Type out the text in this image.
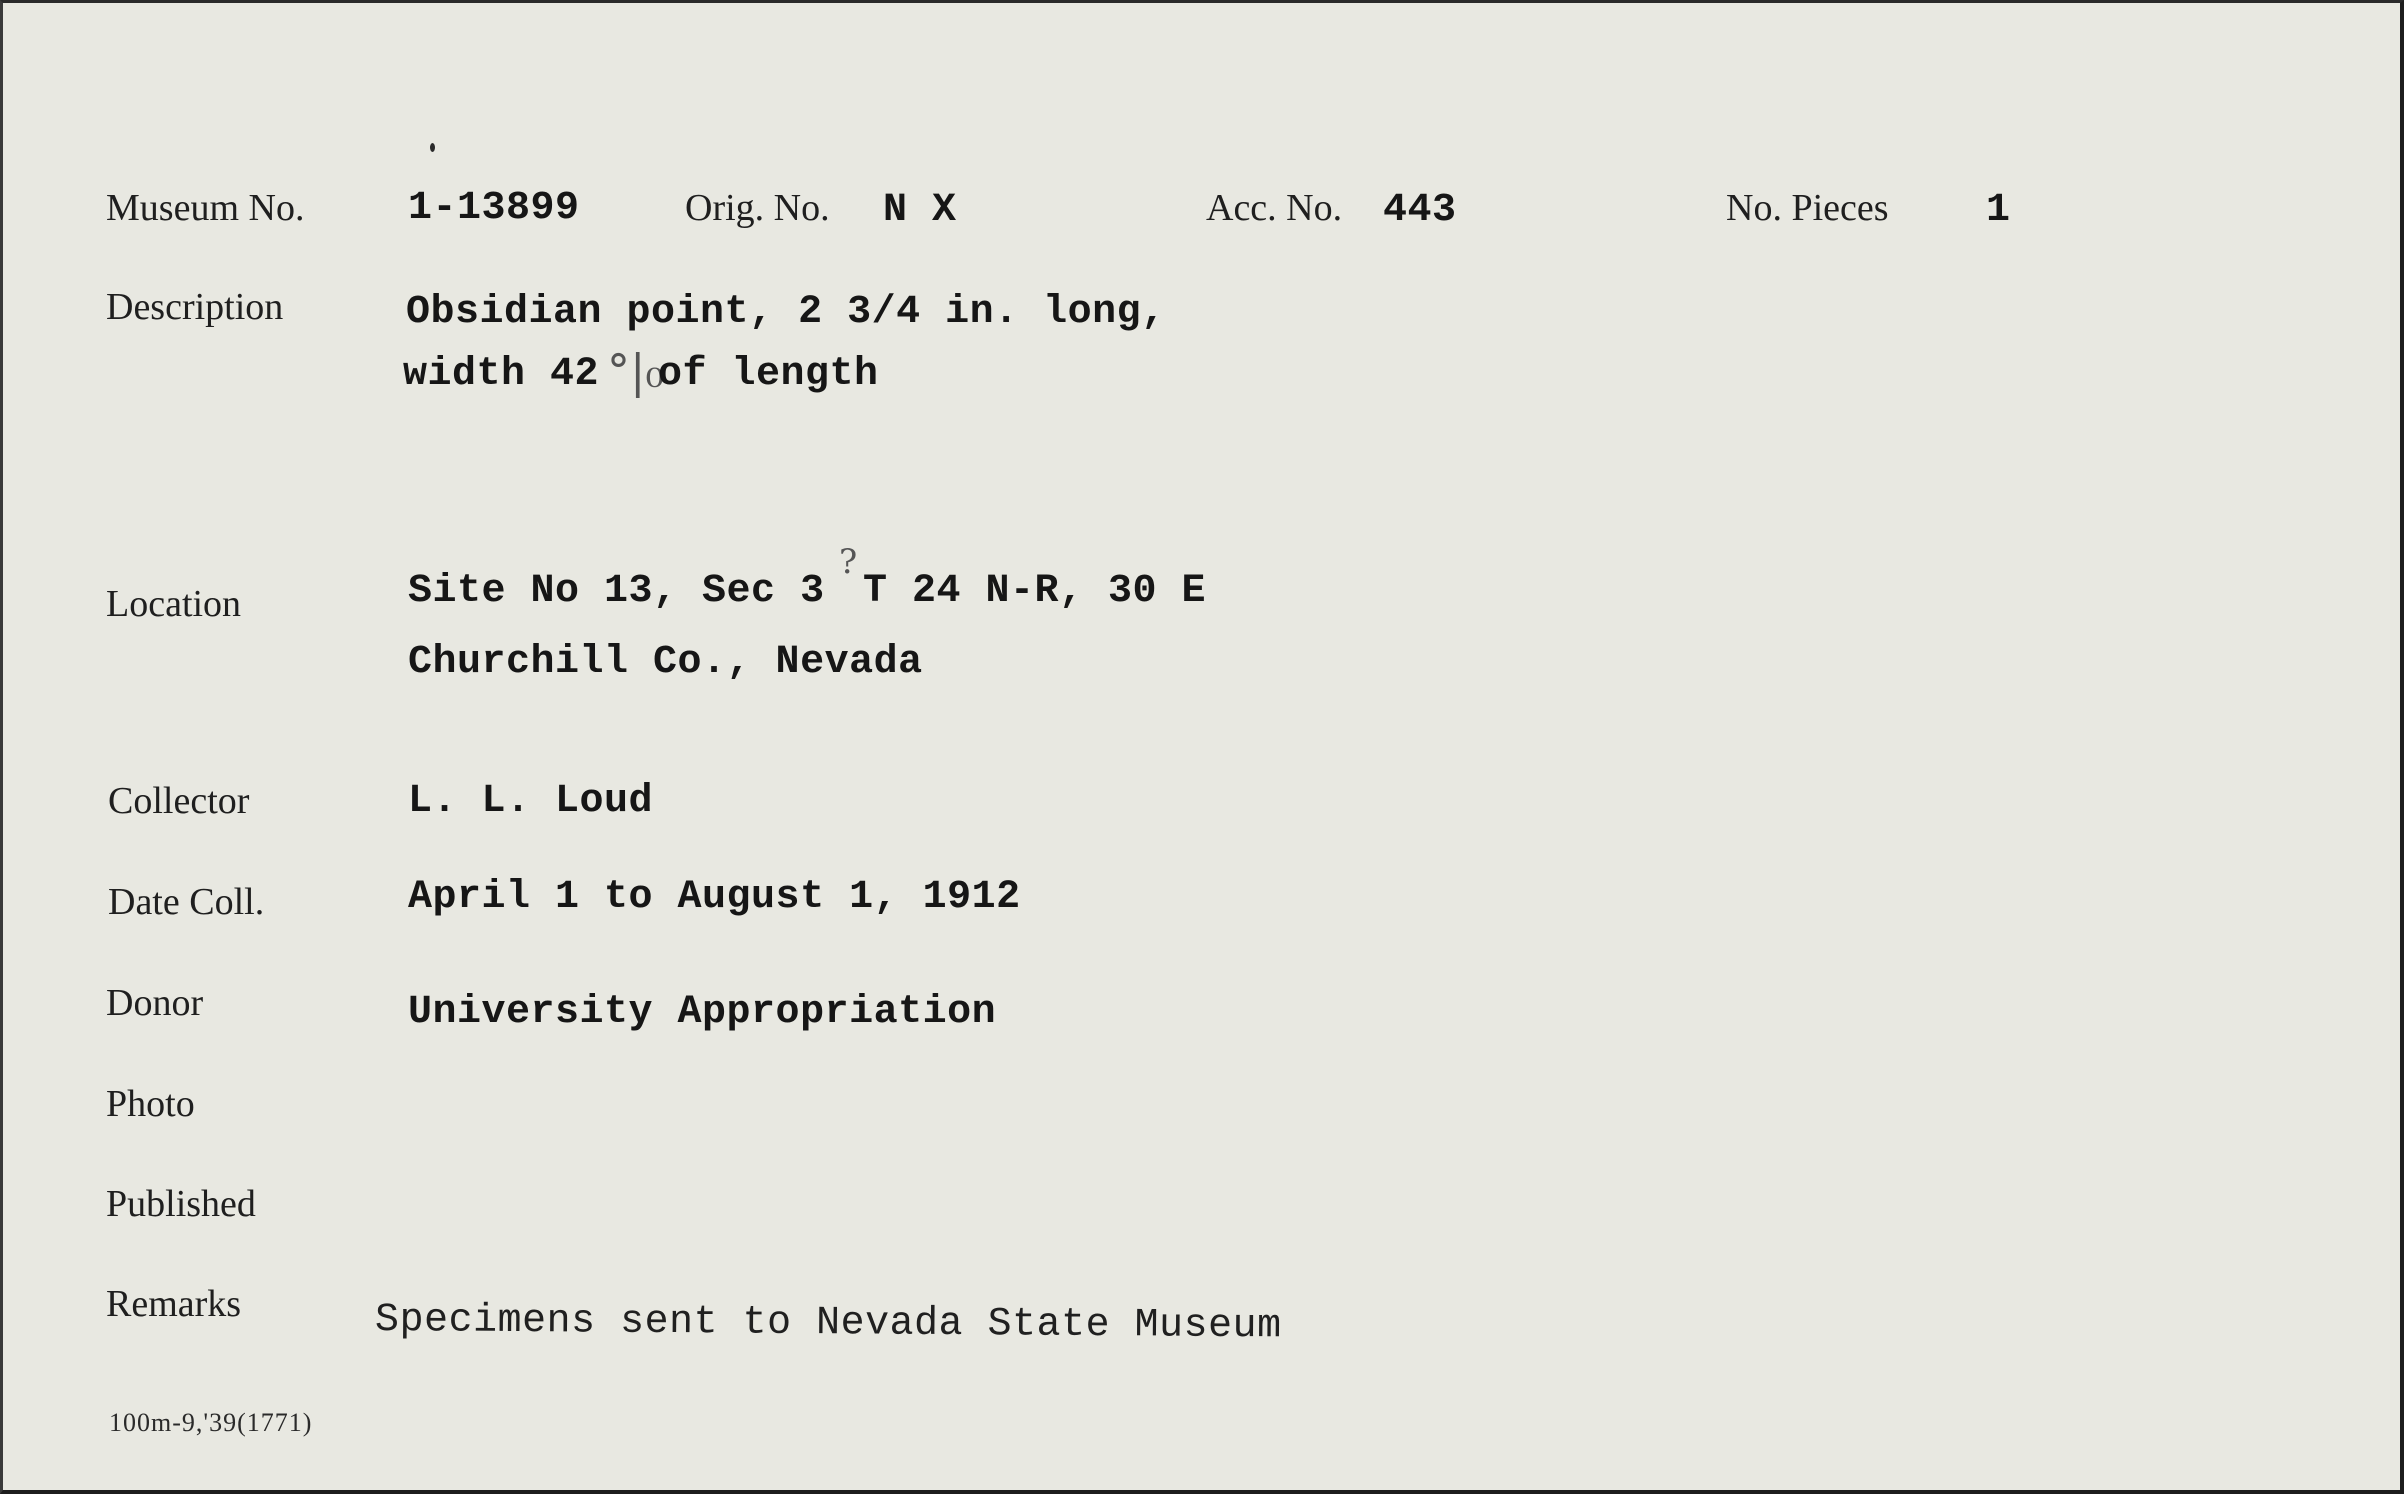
Museum No.	1-13899	Orig. No. N X	Acc. No. 443	No. Pieces 1
Description	Obsidian point, 2 3/4 in. long,
width 42 °|₀
of length
Location	Site No 13, Sec 3
?
T 24 N-R, 30 E
Churchill Co., Nevada
Collector	L. L. Loud
Date Coll.	April 1 to August 1, 1912
Donor	University Appropriation
Photo
Published
Remarks	Specimens sent to Nevada State Museum
100m-9,'39(1771)
